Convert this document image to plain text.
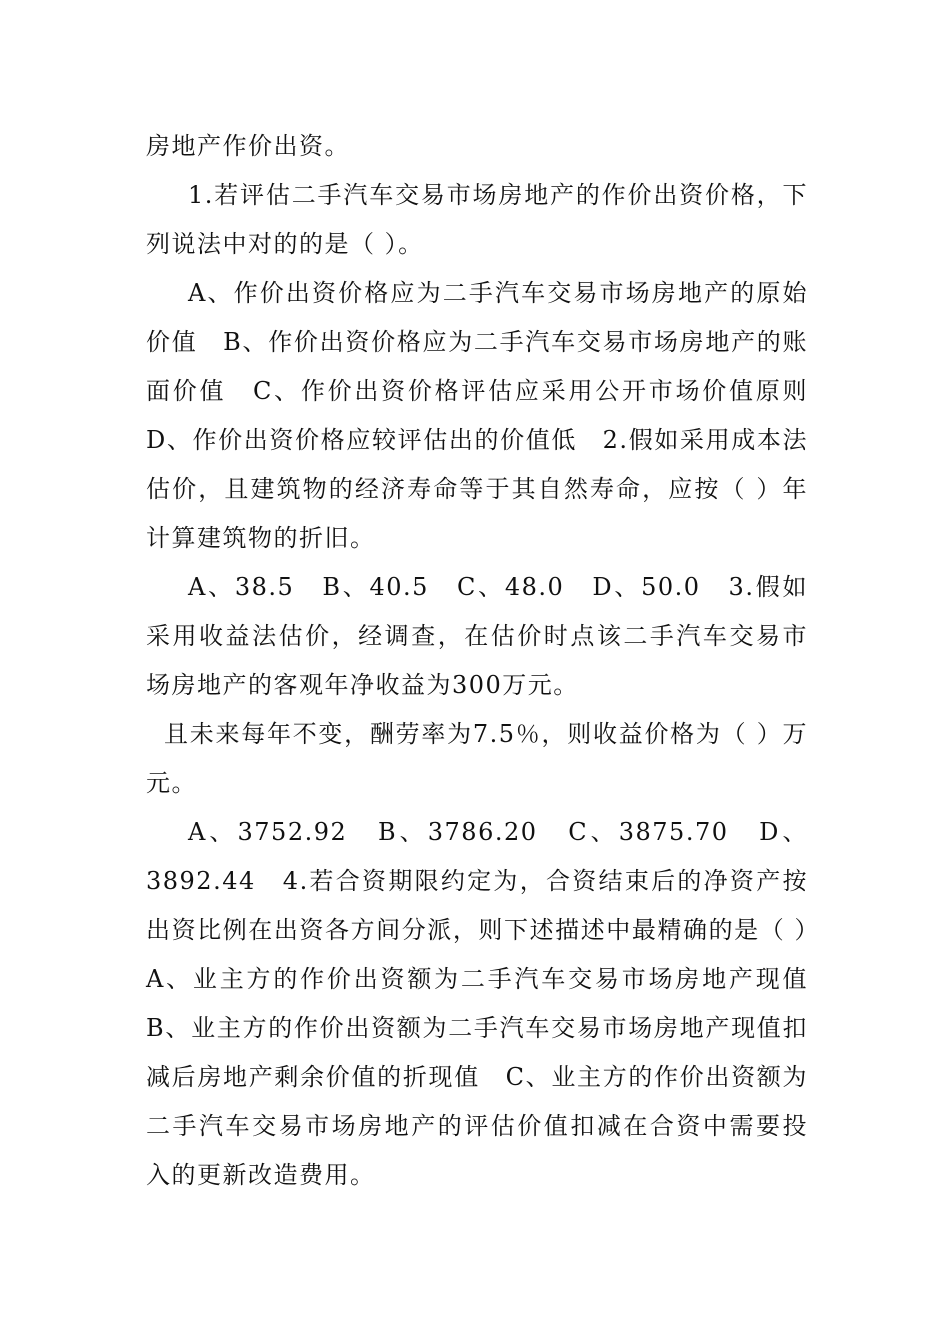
房地产作价出资。

1.若评估二手汽车交易市场房地产的作价出资价格，下列说法中对的的是（ ）。

A、作价出资价格应为二手汽车交易市场房地产的原始价值　B、作价出资价格应为二手汽车交易市场房地产的账面价值　C、作价出资价格评估应采用公开市场价值原则　D、作价出资价格应较评估出的价值低　2.假如采用成本法估价，且建筑物的经济寿命等于其自然寿命，应按（ ）年计算建筑物的折旧。

A、38.5　B、40.5　C、48.0　D、50.0　3.假如采用收益法估价，经调查，在估价时点该二手汽车交易市场房地产的客观年净收益为300万元。

且未来每年不变，酬劳率为7.5％，则收益价格为（ ）万元。

A、3752.92　B、3786.20　C、3875.70　D、3892.44　4.若合资期限约定为，合资结束后的净资产按出资比例在出资各方间分派，则下述描述中最精确的是（ ）　A、业主方的作价出资额为二手汽车交易市场房地产现值　B、业主方的作价出资额为二手汽车交易市场房地产现值扣减后房地产剩余价值的折现值　C、业主方的作价出资额为二手汽车交易市场房地产的评估价值扣减在合资中需要投入的更新改造费用。
